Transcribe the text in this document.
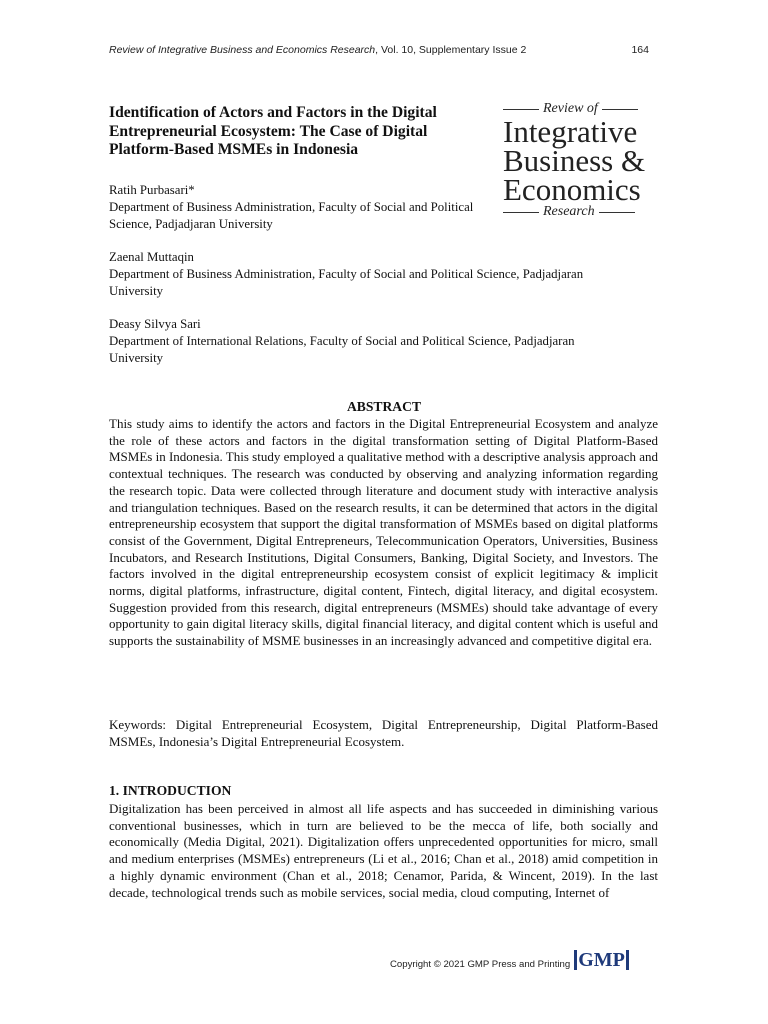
Review of Integrative Business and Economics Research, Vol. 10, Supplementary Issue 2	164
Identification of Actors and Factors in the Digital Entrepreneurial Ecosystem: The Case of Digital Platform-Based MSMEs in Indonesia
Review of
Integrative
Business &
Economics
Research
Ratih Purbasari*
Department of Business Administration, Faculty of Social and Political Science, Padjadjaran University
Zaenal Muttaqin
Department of Business Administration, Faculty of Social and Political Science, Padjadjaran University
Deasy Silvya Sari
Department of International Relations, Faculty of Social and Political Science, Padjadjaran University
ABSTRACT
This study aims to identify the actors and factors in the Digital Entrepreneurial Ecosystem and analyze the role of these actors and factors in the digital transformation setting of Digital Platform-Based MSMEs in Indonesia. This study employed a qualitative method with a descriptive analysis approach and contextual techniques. The research was conducted by observing and analyzing information regarding the research topic. Data were collected through literature and document study with interactive analysis and triangulation techniques. Based on the research results, it can be determined that actors in the digital entrepreneurship ecosystem that support the digital transformation of MSMEs based on digital platforms consist of the Government, Digital Entrepreneurs, Telecommunication Operators, Universities, Business Incubators, and Research Institutions, Digital Consumers, Banking, Digital Society, and Investors. The factors involved in the digital entrepreneurship ecosystem consist of explicit legitimacy & implicit norms, digital platforms, infrastructure, digital content, Fintech, digital literacy, and digital ecosystem. Suggestion provided from this research, digital entrepreneurs (MSMEs) should take advantage of every opportunity to gain digital literacy skills, digital financial literacy, and digital content which is useful and supports the sustainability of MSME businesses in an increasingly advanced and competitive digital era.
Keywords: Digital Entrepreneurial Ecosystem, Digital Entrepreneurship, Digital Platform-Based MSMEs, Indonesia’s Digital Entrepreneurial Ecosystem.
1. INTRODUCTION
Digitalization has been perceived in almost all life aspects and has succeeded in diminishing various conventional businesses, which in turn are believed to be the mecca of life, both socially and economically (Media Digital, 2021). Digitalization offers unprecedented opportunities for micro, small and medium enterprises (MSMEs) entrepreneurs (Li et al., 2016; Chan et al., 2018) amid competition in a highly dynamic environment (Chan et al., 2018; Cenamor, Parida, & Wincent, 2019). In the last decade, technological trends such as mobile services, social media, cloud computing, Internet of
Copyright © 2021 GMP Press and Printing GMP
